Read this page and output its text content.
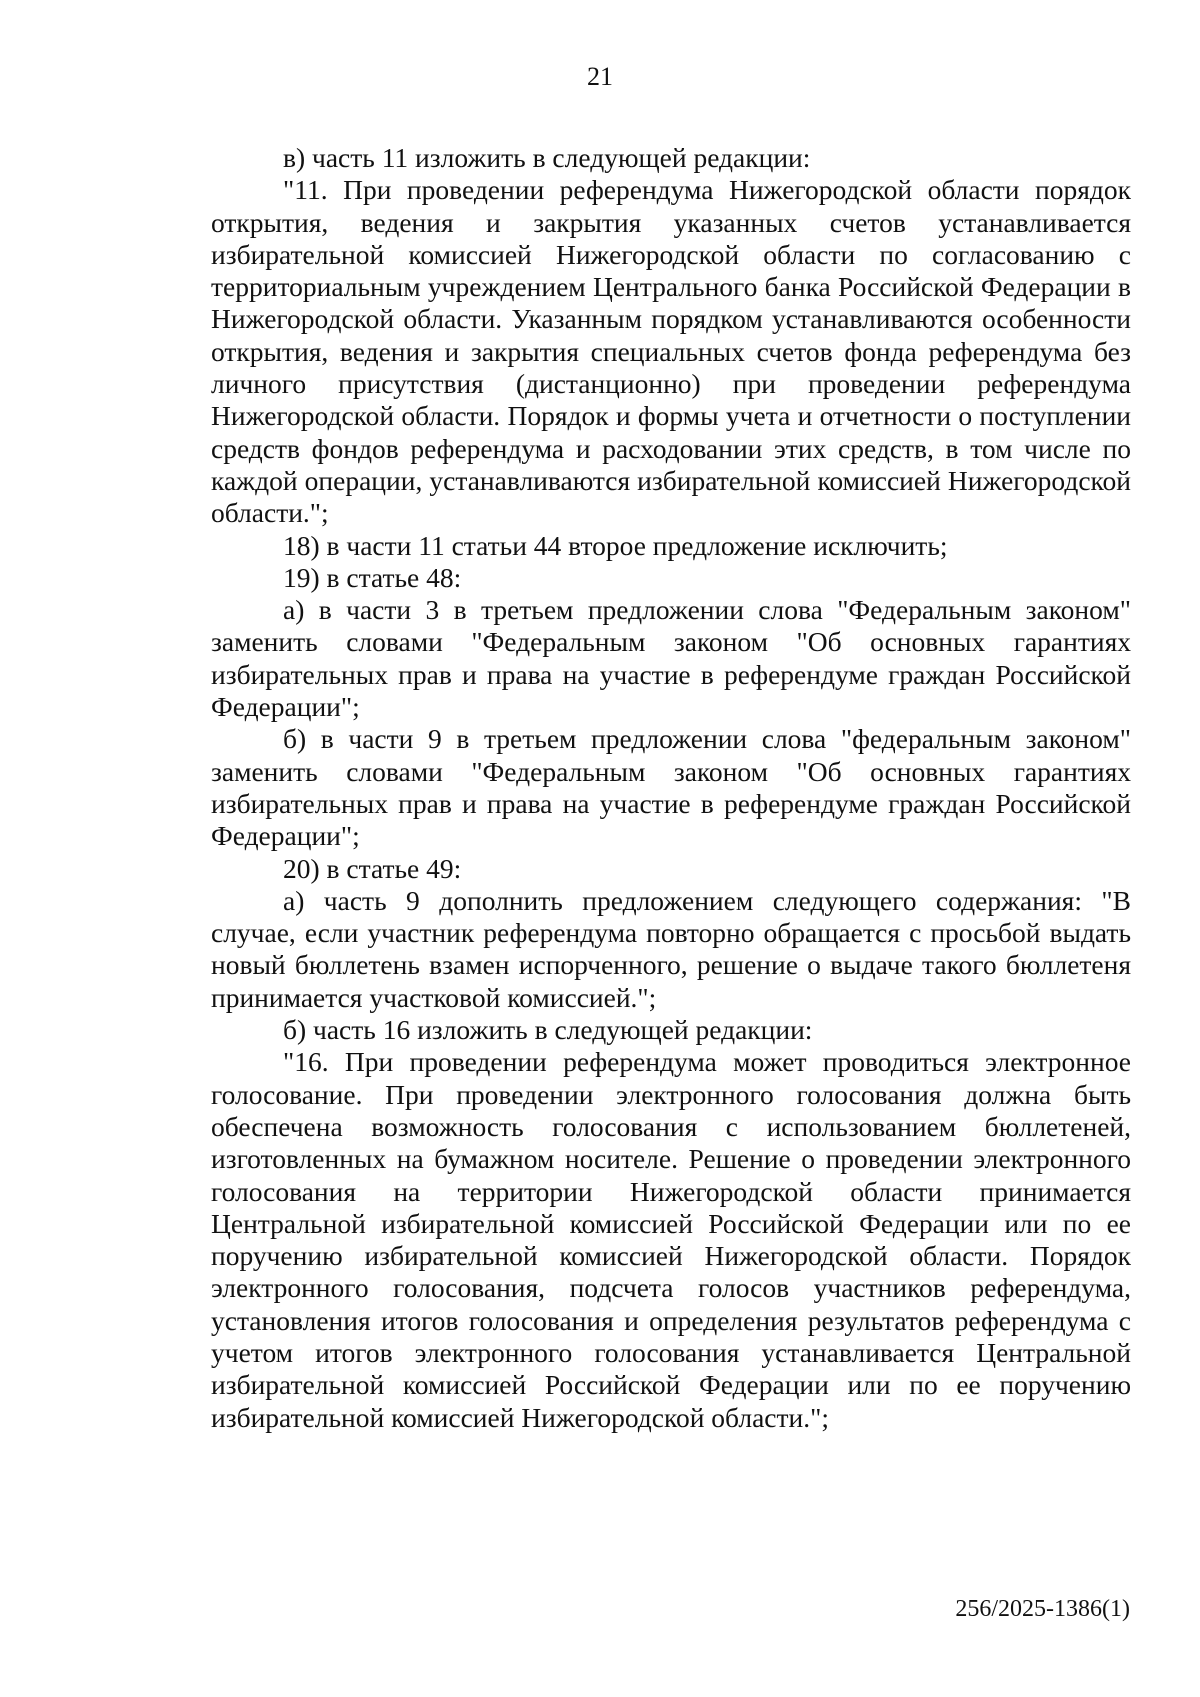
21

в) часть 11 изложить в следующей редакции:

"11. При проведении референдума Нижегородской области порядок открытия, ведения и закрытия указанных счетов устанавливается избирательной комиссией Нижегородской области по согласованию с территориальным учреждением Центрального банка Российской Федерации в Нижегородской области. Указанным порядком устанавливаются особенности открытия, ведения и закрытия специальных счетов фонда референдума без личного присутствия (дистанционно) при проведении референдума Нижегородской области. Порядок и формы учета и отчетности о поступлении средств фондов референдума и расходовании этих средств, в том числе по каждой операции, устанавливаются избирательной комиссией Нижегородской области.";

18) в части 11 статьи 44 второе предложение исключить;

19) в статье 48:

а) в части 3 в третьем предложении слова "Федеральным законом" заменить словами "Федеральным законом "Об основных гарантиях избирательных прав и права на участие в референдуме граждан Российской Федерации";

б) в части 9 в третьем предложении слова "федеральным законом" заменить словами "Федеральным законом "Об основных гарантиях избирательных прав и права на участие в референдуме граждан Российской Федерации";

20) в статье 49:

а) часть 9 дополнить предложением следующего содержания: "В случае, если участник референдума повторно обращается с просьбой выдать новый бюллетень взамен испорченного, решение о выдаче такого бюллетеня принимается участковой комиссией.";

б) часть 16 изложить в следующей редакции:

"16. При проведении референдума может проводиться электронное голосование. При проведении электронного голосования должна быть обеспечена возможность голосования с использованием бюллетеней, изготовленных на бумажном носителе. Решение о проведении электронного голосования на территории Нижегородской области принимается Центральной избирательной комиссией Российской Федерации или по ее поручению избирательной комиссией Нижегородской области. Порядок электронного голосования, подсчета голосов участников референдума, установления итогов голосования и определения результатов референдума с учетом итогов электронного голосования устанавливается Центральной избирательной комиссией Российской Федерации или по ее поручению избирательной комиссией Нижегородской области.";

256/2025-1386(1)
